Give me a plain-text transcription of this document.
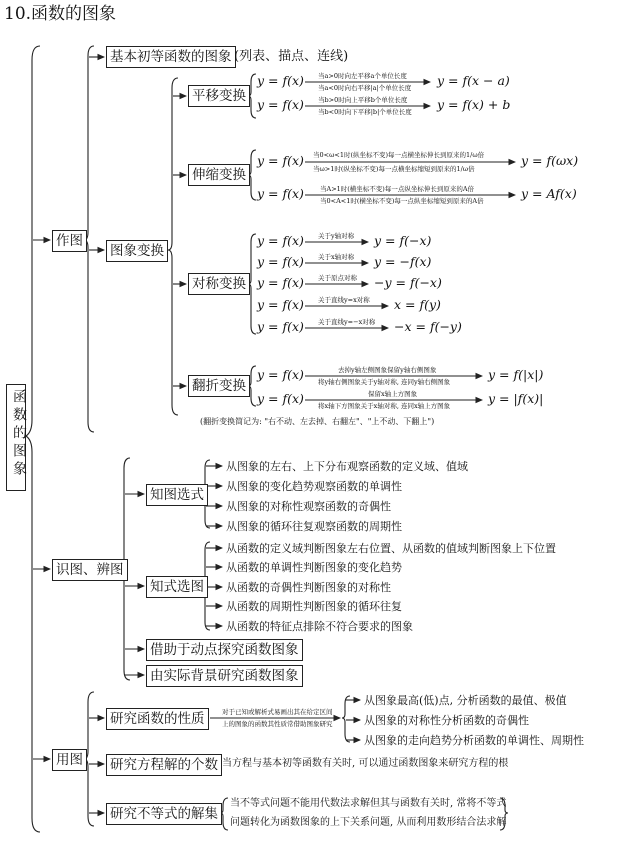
10.函数的图象
函数的图象
作图
基本初等函数的图象 (列表、描点、连线)
图象变换
平移变换
伸缩变换
对称变换
翻折变换
y = f(x) 当a>0时向左平移a个单位长度
当a<0时向右平移|a|个单位长度 y = f(x − a)
y = f(x) 当b>0时向上平移b个单位长度
当b<0时向下平移|b|个单位长度 y = f(x) + b
y = f(x) 当0<ω<1时(纵坐标不变)每一点横坐标伸长到原来的1/ω倍
当ω>1时(纵坐标不变)每一点横坐标缩短到原来的1/ω倍
y = f(ωx)
y = f(x) 当A>1时(横坐标不变)每一点纵坐标伸长到原来的A倍
当0<A<1时(横坐标不变)每一点纵坐标缩短到原来的A倍	y = Af(x)
y = f(x) 关于y轴对称 y = f(−x)
y = f(x) 关于x轴对称 y = −f(x)
y = f(x) 关于原点对称 −y = f(−x)
y = f(x) 关于直线y=x对称 x = f(y)
y = f(x) 关于直线y=−x对称 −x = f(−y)
y = f(x)	去掉y轴左侧图象保留y轴右侧图象
将y轴右侧图象关于y轴对称, 连同y轴右侧图象	y = f(|x|)
y = f(x)	保留x轴上方图象
将x轴下方图象关于x轴对称, 连同x轴上方图象	y = |f(x)|
(翻折变换简记为: "右不动、左去掉、右翻左"、"上不动、下翻上")
识图、辨图
知图选式
从图象的左右、上下分布观察函数的定义域、值域
从图象的变化趋势观察函数的单调性
从图象的对称性观察函数的奇偶性
从图象的循环往复观察函数的周期性
知式选图
从函数的定义域判断图象左右位置、从函数的值域判断图象上下位置
从函数的单调性判断图象的变化趋势
从函数的奇偶性判断图象的对称性
从函数的周期性判断图象的循环往复
从函数的特征点排除不符合要求的图象
借助于动点探究函数图象
由实际背景研究函数图象
用图
研究函数的性质	对于已知或解析式易画出其在给定区间
上的图象的函数其性质常借助图象研究
从图象最高(低)点, 分析函数的最值、极值
从图象的对称性分析函数的奇偶性
从图象的走向趋势分析函数的单调性、周期性
研究方程解的个数 当方程与基本初等函数有关时, 可以通过函数图象来研究方程的根
研究不等式的解集
当不等式问题不能用代数法求解但其与函数有关时, 常将不等式
问题转化为函数图象的上下关系问题, 从而利用数形结合法求解
